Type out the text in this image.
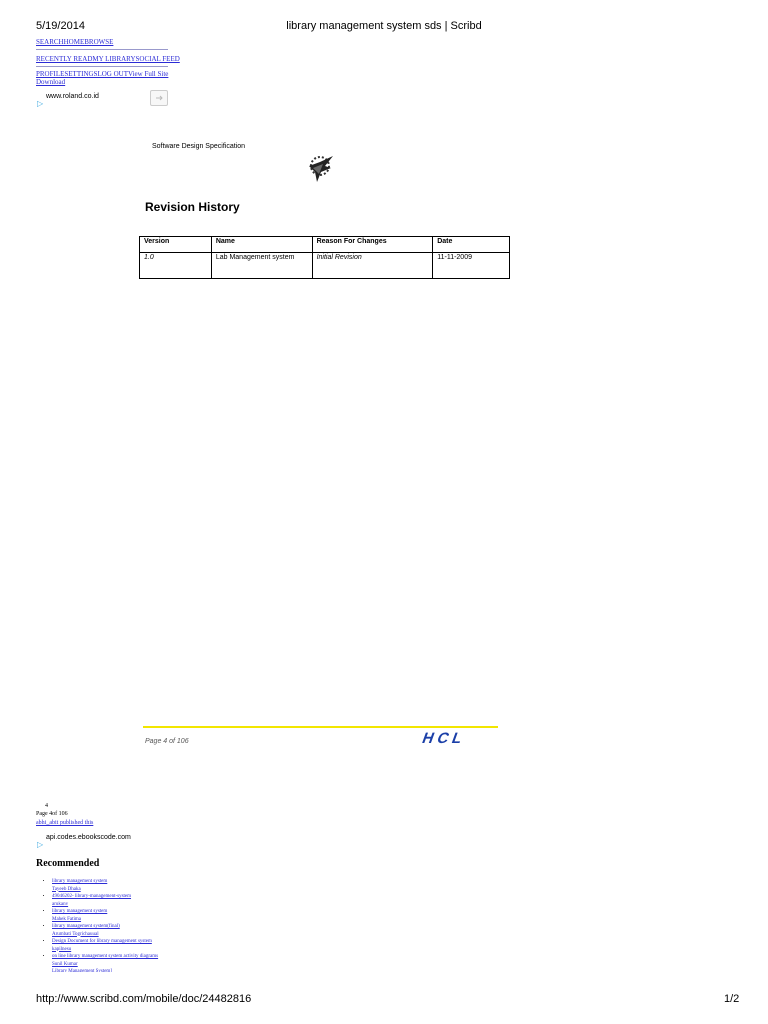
5/19/2014	library management system sds | Scribd
SEARCHHOMEBROWSE
RECENTLY READMY LIBRARYSOCIAL FEED
PROFILESETTINGSLOG OUTView Full Site
Download
www.roland.co.id
▷
Software Design Specification
Revision History
Version	Name	Reason For Changes	Date
1.0	Lab Management system	Initial Revision	11-11-2009
Page 4 of 106	HCL
4
Page 4of 106
abhi_abit published this
api.codes.ebookscode.com
▷
Recommended
• library management system
Tayeeb Dhaka
• 49046202- library-management-system
arukanv
• library management system
Mahek Fatima
• library management system(final)
Arumbati Togrichauual
• Design Document for library management system
kapilnesu
• on line library management system activity diagrams
Sunil Kumar
• Library Management System]
http://www.scribd.com/mobile/doc/24482816	1/2
